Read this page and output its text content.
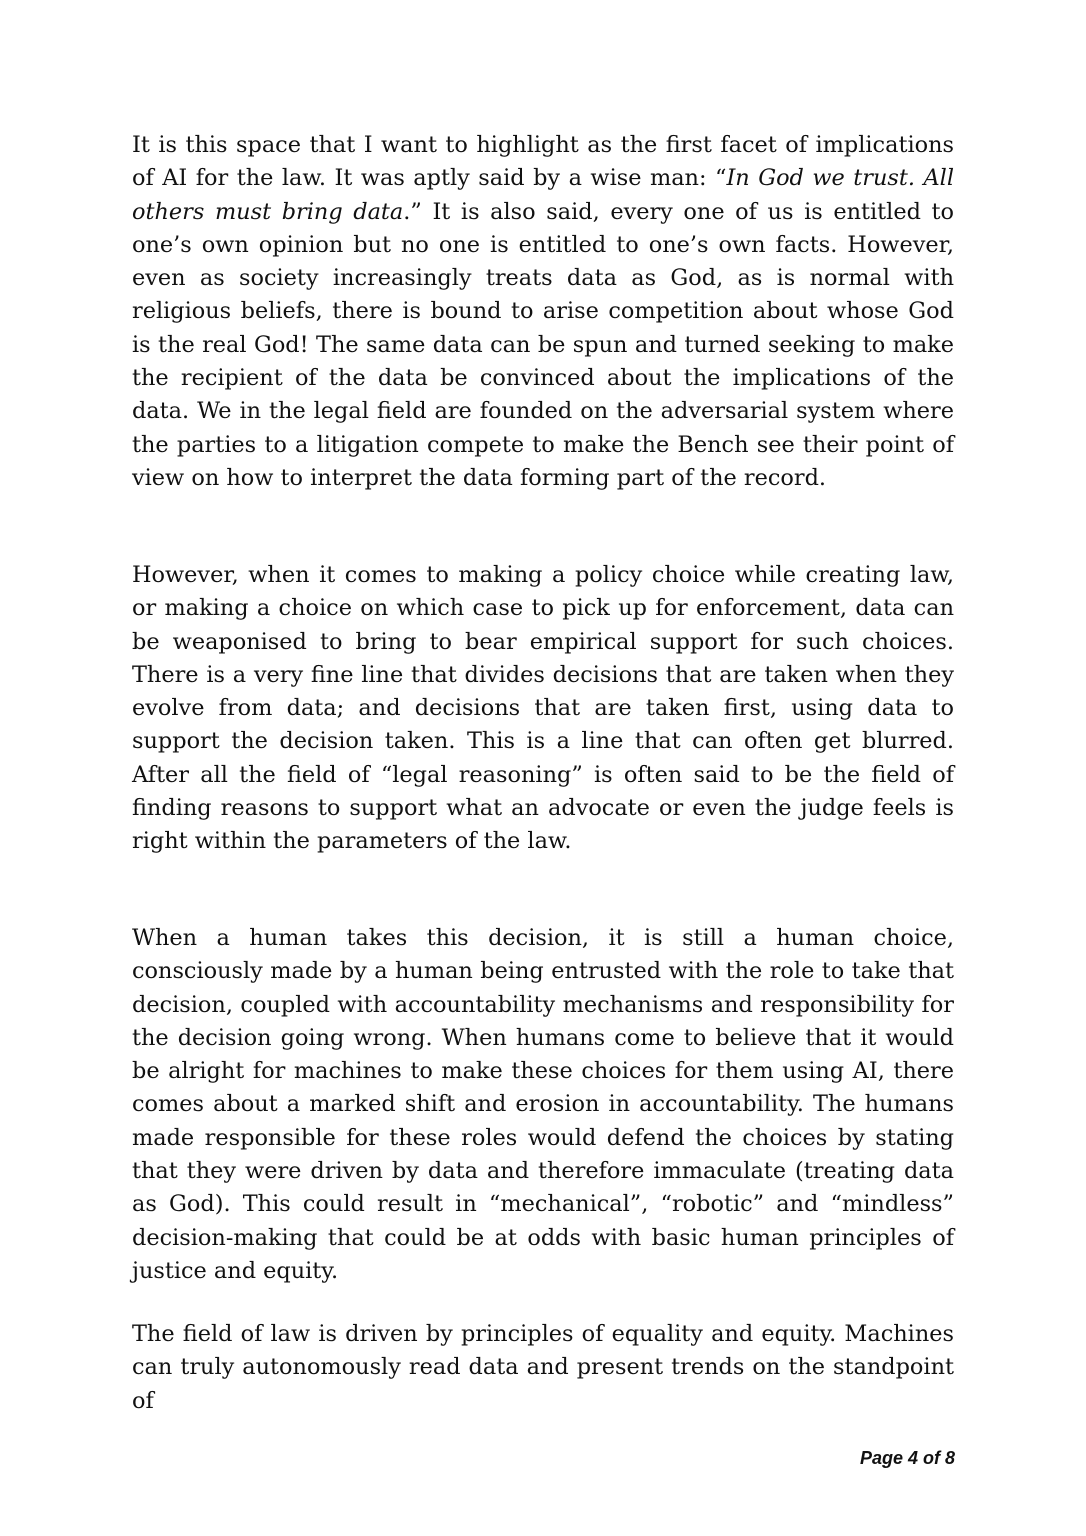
It is this space that I want to highlight as the first facet of implications of AI for the law. It was aptly said by a wise man: “In God we trust. All others must bring data.” It is also said, every one of us is entitled to one’s own opinion but no one is entitled to one’s own facts. However, even as society increasingly treats data as God, as is normal with religious beliefs, there is bound to arise competition about whose God is the real God! The same data can be spun and turned seeking to make the recipient of the data be convinced about the implications of the data. We in the legal field are founded on the adversarial system where the parties to a litigation compete to make the Bench see their point of view on how to interpret the data forming part of the record.

However, when it comes to making a policy choice while creating law, or making a choice on which case to pick up for enforcement, data can be weaponised to bring to bear empirical support for such choices. There is a very fine line that divides decisions that are taken when they evolve from data; and decisions that are taken first, using data to support the decision taken. This is a line that can often get blurred. After all the field of “legal reasoning” is often said to be the field of finding reasons to support what an advocate or even the judge feels is right within the parameters of the law.

When a human takes this decision, it is still a human choice, consciously made by a human being entrusted with the role to take that decision, coupled with accountability mechanisms and responsibility for the decision going wrong. When humans come to believe that it would be alright for machines to make these choices for them using AI, there comes about a marked shift and erosion in accountability. The humans made responsible for these roles would defend the choices by stating that they were driven by data and therefore immaculate (treating data as God). This could result in “mechanical”, “robotic” and “mindless” decision-making that could be at odds with basic human principles of justice and equity.

The field of law is driven by principles of equality and equity. Machines can truly autonomously read data and present trends on the standpoint of

Page 4 of 8
